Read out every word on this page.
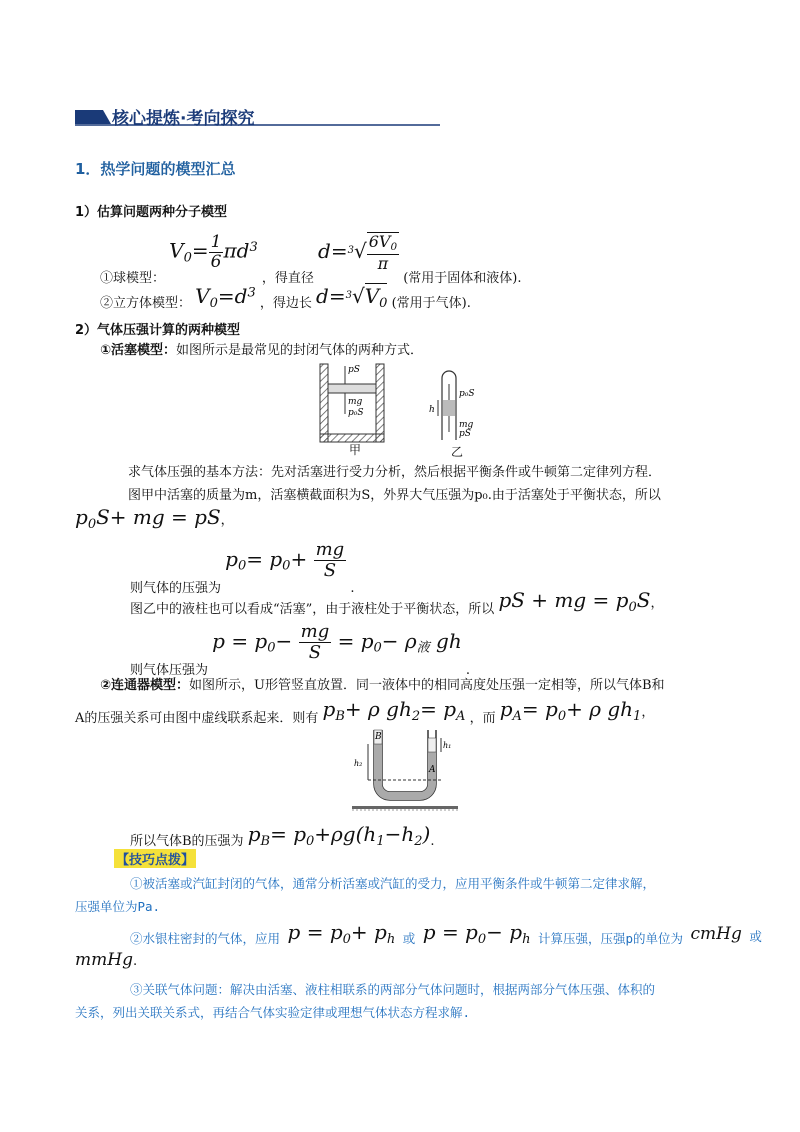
核心提炼·考向探究
1．热学问题的模型汇总
1）估算问题两种分子模型
①球模型： $V_0= \frac{1}{6} \pi d^3$ ，得直径 $d=^3√ \frac{6V_0}{\pi}$
(常用于固体和液体).
②立方体模型： $V_0=d^3$ ，得边长 $d=^3√V_0$ (常用于气体).
2）气体压强计算的两种模型
①活塞模型：如图所示是最常见的封闭气体的两种方式．
pS
mg
p₀S
甲
h
p₀S
mg
pS
乙
求气体压强的基本方法：先对活塞进行受力分析，然后根据平衡条件或牛顿第二定律列方程．
图甲中活塞的质量为m，活塞横截面积为S，外界大气压强为p₀.由于活塞处于平衡状态，所以
$p_0S+$ mg = pS，
则气体的压强为 $p_0= p_0+ \frac{mg}{S}$
.
图乙中的液柱也可以看成“活塞”，由于液柱处于平衡状态，所以 pS + mg = $p_0S$，
则气体压强为 $p = p_0- \frac{mg}{S} = p_0- \rho_液$ gh .
②连通器模型：如图所示，U形管竖直放置．同一液体中的相同高度处压强一定相等，所以气体B和
A的压强关系可由图中虚线联系起来．则有 $p_B+ \rho$ $gh_2= p_A$ ，而 $p_A= p_0+ \rho$ $gh_1$，
B
A
h₂
h₁
所以气体B的压强为 $p_B= p_0+\rho g(h_1-h_2)$.
【技巧点拨】
①被活塞或汽缸封闭的气体，通常分析活塞或汽缸的受力，应用平衡条件或牛顿第二定律求解，
压强单位为Pa.
②水银柱密封的气体，应用 $p = p_0+ p_h$ 或 $p = p_0- p_h$ 计算压强，压强p的单位为 cmHg 或
mmHg.
③关联气体问题：解决由活塞、液柱相联系的两部分气体问题时，根据两部分气体压强、体积的
关系，列出关联关系式，再结合气体实验定律或理想气体状态方程求解.
